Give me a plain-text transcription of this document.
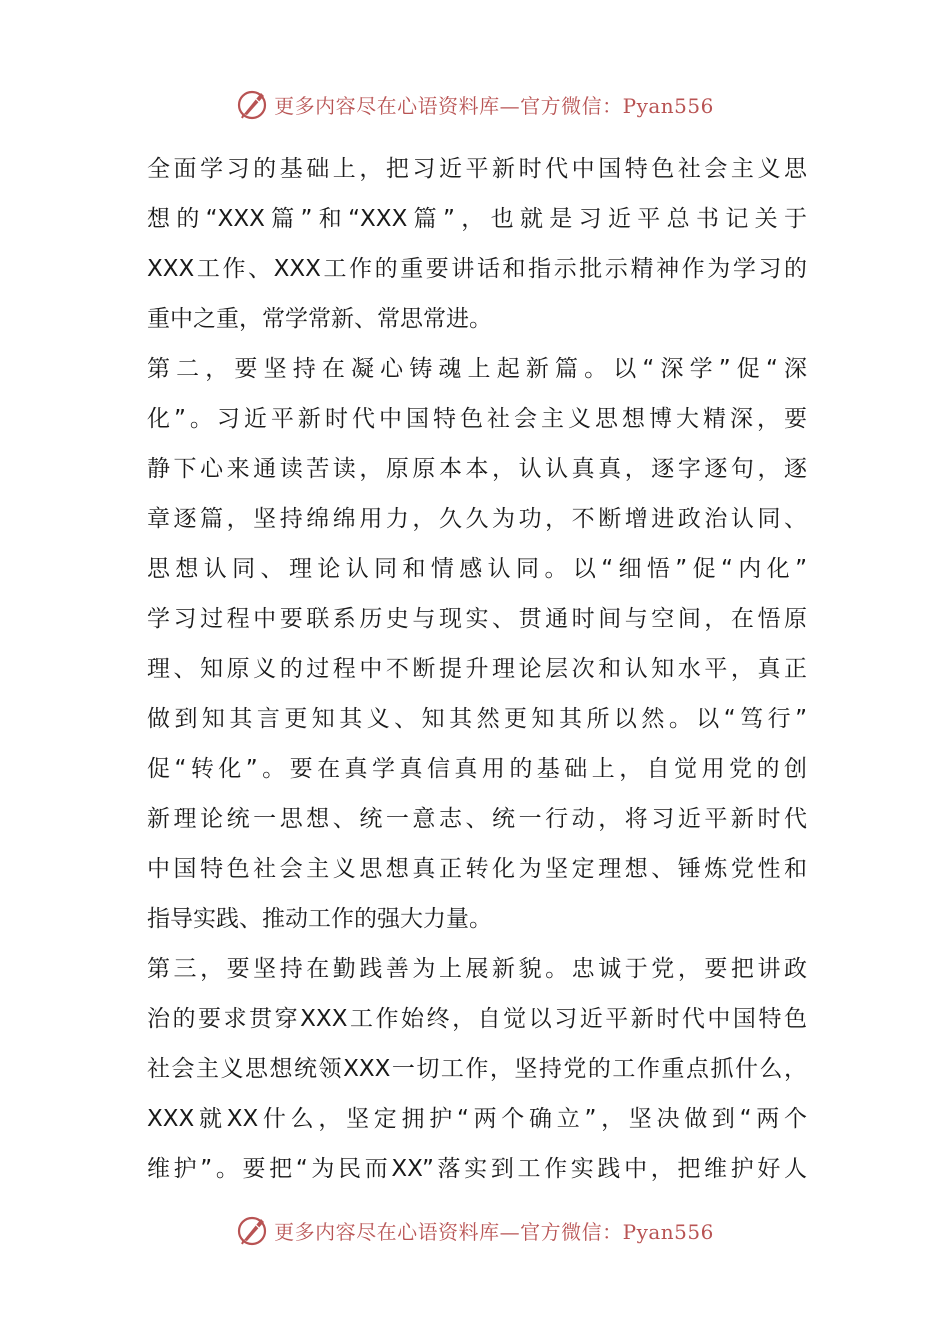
更多内容尽在心语资料库—官方微信：Pyan556
全面学习的基础上，把习近平新时代中国特色社会主义思
想的“XXX篇”和“XXX篇”，也就是习近平总书记关于
XXX工作、XXX工作的重要讲话和指示批示精神作为学习的
重中之重，常学常新、常思常进。
第二，要坚持在凝心铸魂上起新篇。以“深学”促“深
化”。习近平新时代中国特色社会主义思想博大精深，要
静下心来通读苦读，原原本本，认认真真，逐字逐句，逐
章逐篇，坚持绵绵用力，久久为功，不断增进政治认同、
思想认同、理论认同和情感认同。以“细悟”促“内化”
学习过程中要联系历史与现实、贯通时间与空间，在悟原
理、知原义的过程中不断提升理论层次和认知水平，真正
做到知其言更知其义、知其然更知其所以然。以“笃行”
促“转化”。要在真学真信真用的基础上，自觉用党的创
新理论统一思想、统一意志、统一行动，将习近平新时代
中国特色社会主义思想真正转化为坚定理想、锤炼党性和
指导实践、推动工作的强大力量。
第三，要坚持在勤践善为上展新貌。忠诚于党，要把讲政
治的要求贯穿XXX工作始终，自觉以习近平新时代中国特色
社会主义思想统领XXX一切工作，坚持党的工作重点抓什么，
XXX就XX什么，坚定拥护“两个确立”，坚决做到“两个
维护”。要把“为民而XX”落实到工作实践中，把维护好人
更多内容尽在心语资料库—官方微信：Pyan556
